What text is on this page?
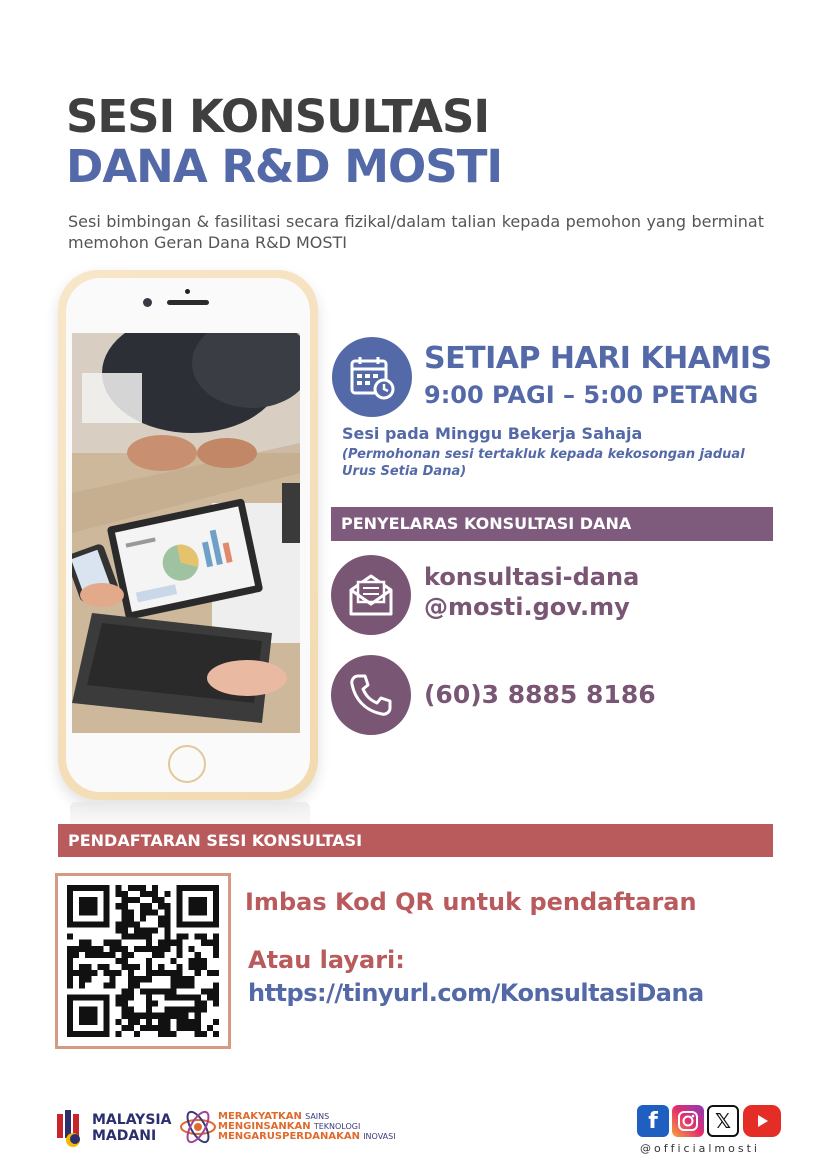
SESI KONSULTASI
DANA R&D MOSTI
Sesi bimbingan & fasilitasi secara fizikal/dalam talian kepada pemohon yang berminat memohon Geran Dana R&D MOSTI
SETIAP HARI KHAMIS
9:00 PAGI – 5:00 PETANG
Sesi pada Minggu Bekerja Sahaja
(Permohonan sesi tertakluk kepada kekosongan jadual Urus Setia Dana)
PENYELARAS KONSULTASI DANA
konsultasi-dana
@mosti.gov.my
(60)3 8885 8186
PENDAFTARAN SESI KONSULTASI
Imbas Kod QR untuk pendaftaran
Atau layari:
https://tinyurl.com/KonsultasiDana
MALAYSIA
MADANI
MERAKYATKAN SAINS
MENGINSANKAN TEKNOLOGI
MENGARUSPERDANAKAN INOVASI
f	𝕏
@officialmosti
